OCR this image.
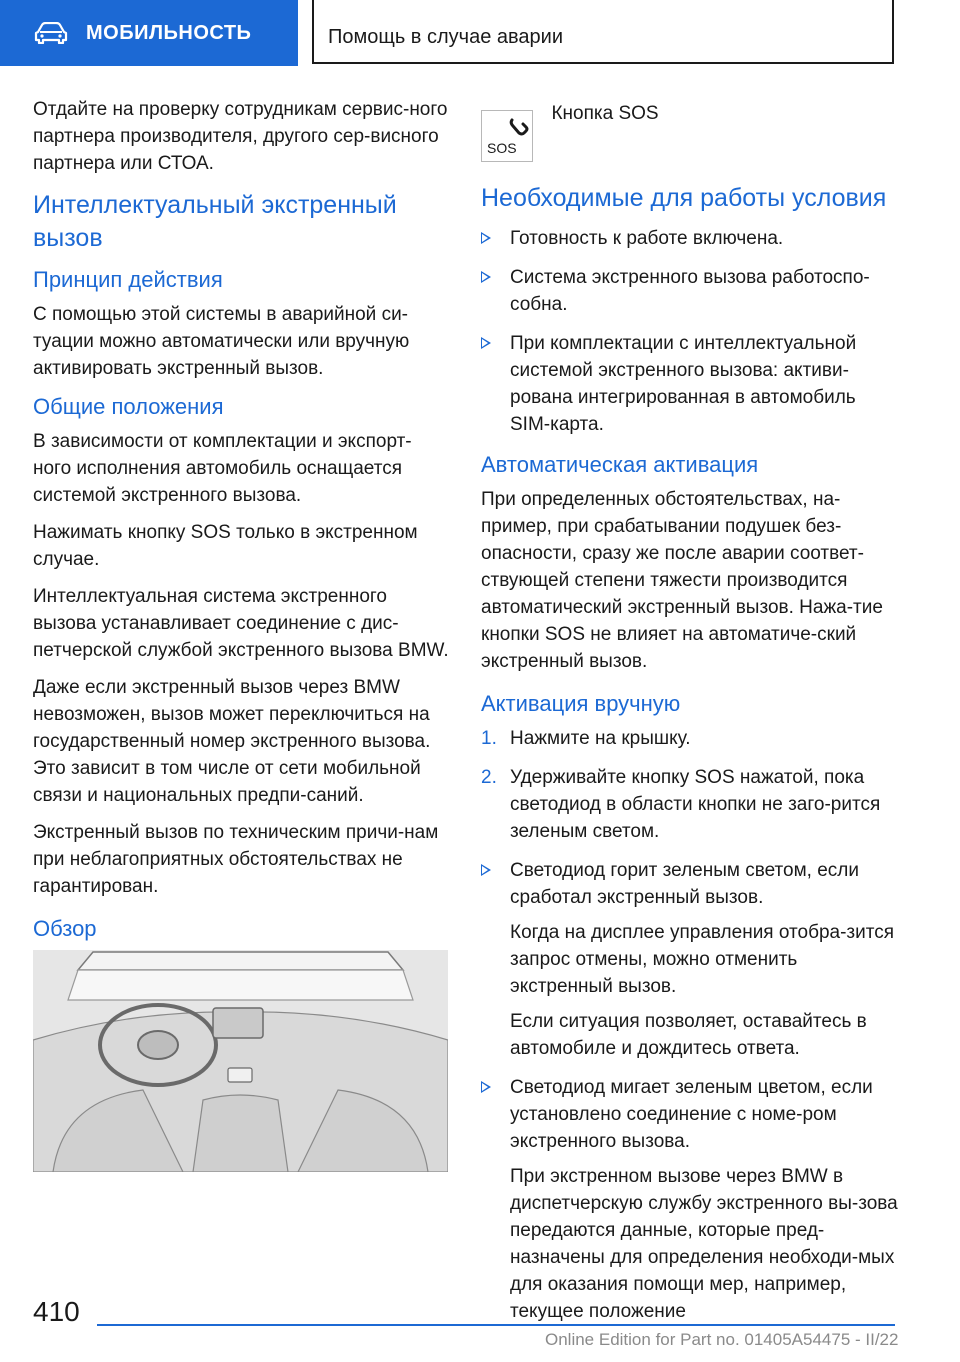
МОБИЛЬНОСТЬ	Помощь в случае аварии

Отдайте на проверку сотрудникам сервис-ного партнера производителя, другого сер-висного партнера или СТОА.

Интеллектуальный экстренный вызов
Принцип действия

С помощью этой системы в аварийной си-туации можно автоматически или вручную активировать экстренный вызов.

Общие положения

В зависимости от комплектации и экспорт-ного исполнения автомобиль оснащается системой экстренного вызова.

Нажимать кнопку SOS только в экстренном случае.

Интеллектуальная система экстренного вызова устанавливает соединение с дис-петчерской службой экстренного вызова BMW.

Даже если экстренный вызов через BMW невозможен, вызов может переключиться на государственный номер экстренного вызова. Это зависит в том числе от сети мобильной связи и национальных предпи-саний.

Экстренный вызов по техническим причи-нам при неблагоприятных обстоятельствах не гарантирован.

Обзор
SOS
Кнопка SOS
Необходимые для работы условия
Готовность к работе включена.
Система экстренного вызова работоспо-собна.
При комплектации с интеллектуальной системой экстренного вызова: активи-рована интегрированная в автомобиль SIM-карта.
Автоматическая активация

При определенных обстоятельствах, на-пример, при срабатывании подушек без-опасности, сразу же после аварии соответ-ствующей степени тяжести производится автоматический экстренный вызов. Нажа-тие кнопки SOS не влияет на автоматиче-ский экстренный вызов.

Активация вручную
1. Нажмите на крышку.
2. Удерживайте кнопку SOS нажатой, пока светодиод в области кнопки не заго-рится зеленым светом.
Светодиод горит зеленым светом, если сработал экстренный вызов.
Когда на дисплее управления отобра-зится запрос отмены, можно отменить экстренный вызов.
Если ситуация позволяет, оставайтесь в автомобиле и дождитесь ответа.
Светодиод мигает зеленым цветом, если установлено соединение с номе-ром экстренного вызова.
При экстренном вызове через BMW в диспетчерскую службу экстренного вы-зова передаются данные, которые пред-назначены для определения необходи-мых для оказания помощи мер, например, текущее положение
410
Online Edition for Part no. 01405A54475 - II/22
